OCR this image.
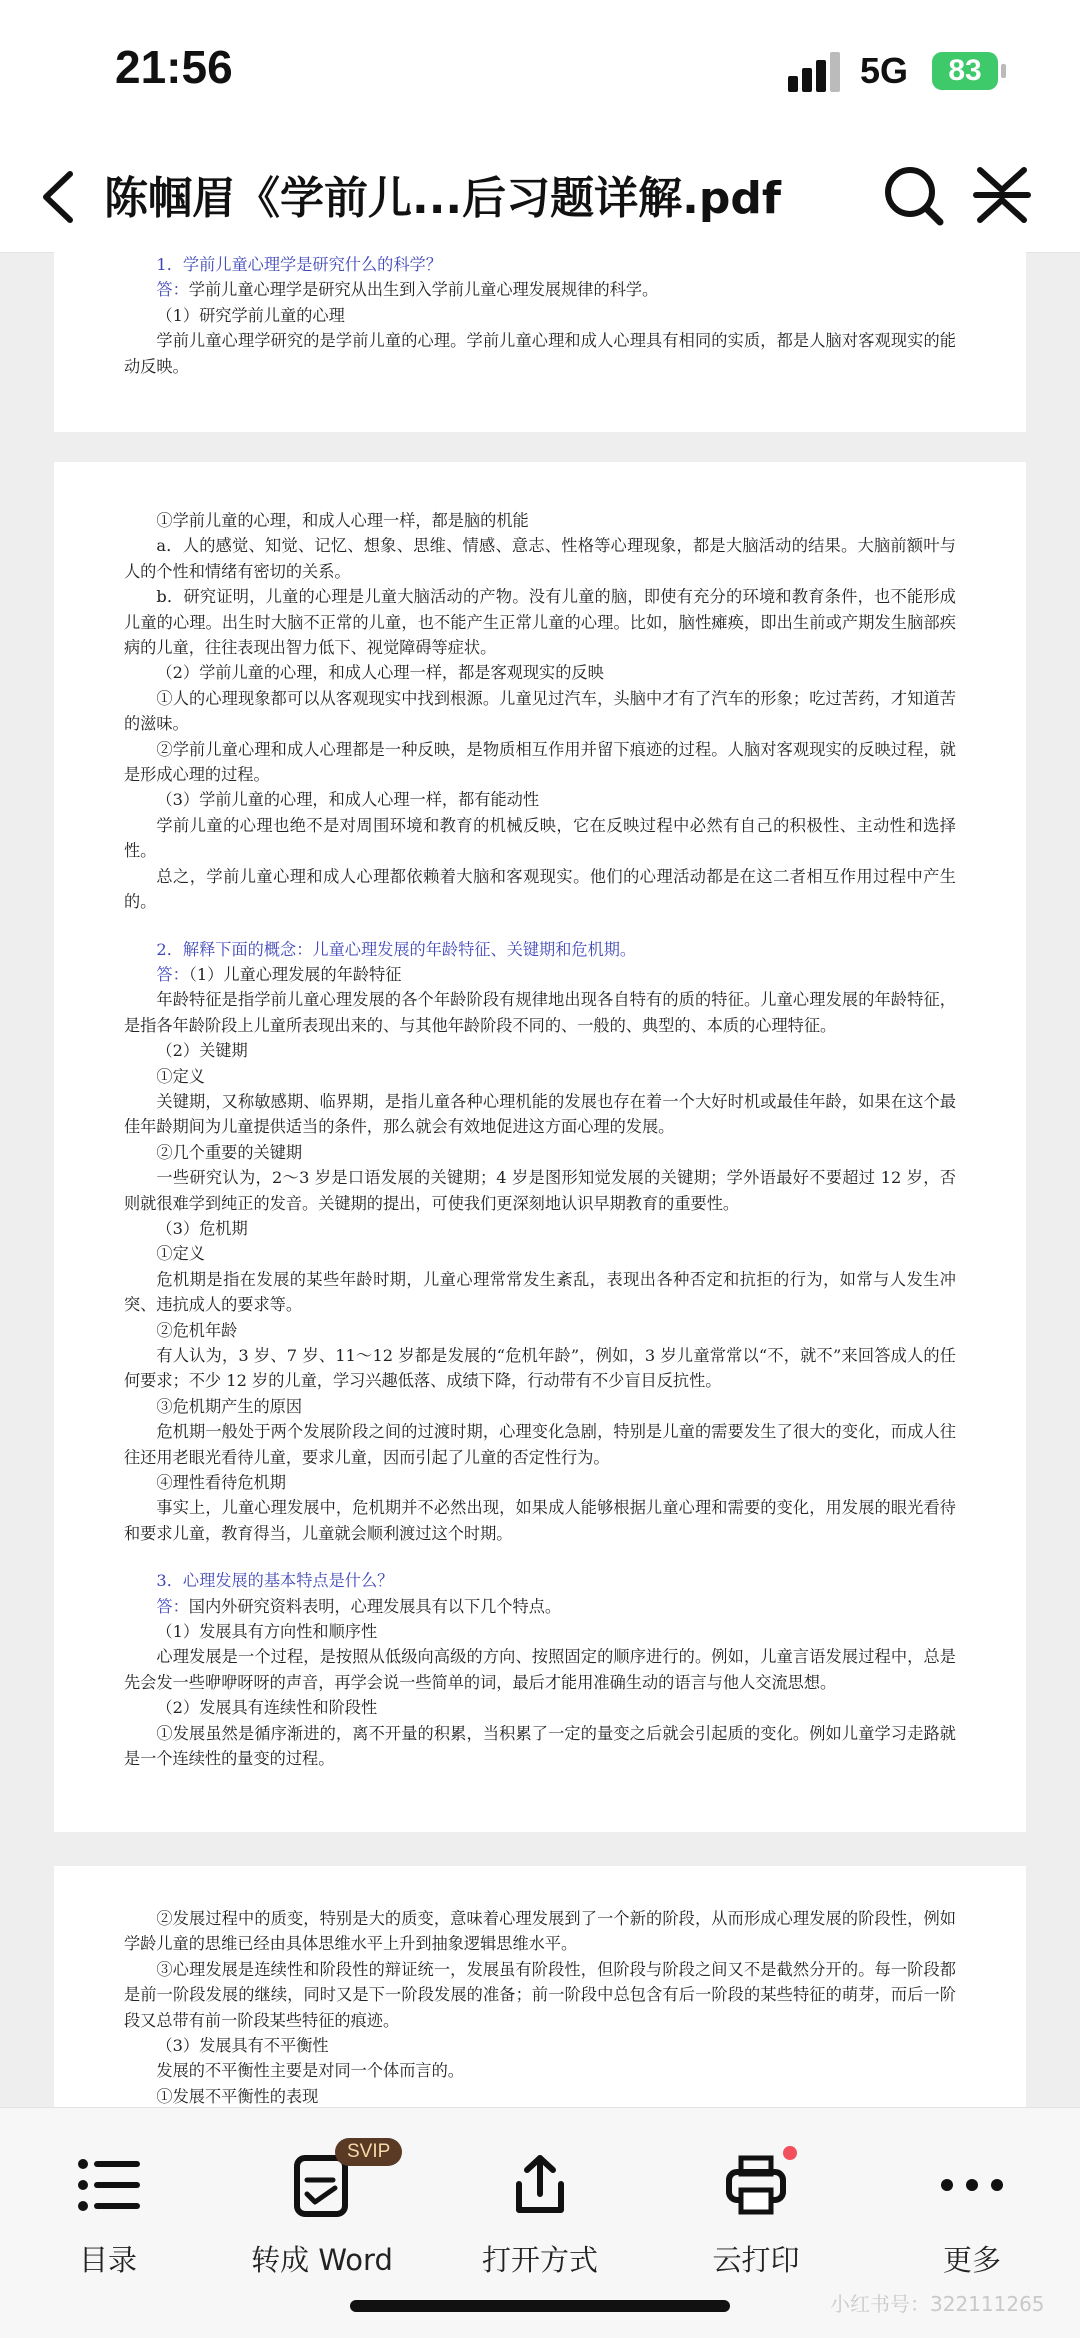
21:56	5G	83
陈帼眉《学前儿...后习题详解.pdf

1．学前儿童心理学是研究什么的科学？

答：学前儿童心理学是研究从出生到入学前儿童心理发展规律的科学。

（1）研究学前儿童的心理

学前儿童心理学研究的是学前儿童的心理。学前儿童心理和成人心理具有相同的实质，都是人脑对客观现实的能动反映。

①学前儿童的心理，和成人心理一样，都是脑的机能

a．人的感觉、知觉、记忆、想象、思维、情感、意志、性格等心理现象，都是大脑活动的结果。大脑前额叶与人的个性和情绪有密切的关系。

b．研究证明，儿童的心理是儿童大脑活动的产物。没有儿童的脑，即使有充分的环境和教育条件，也不能形成儿童的心理。出生时大脑不正常的儿童，也不能产生正常儿童的心理。比如，脑性瘫痪，即出生前或产期发生脑部疾病的儿童，往往表现出智力低下、视觉障碍等症状。

（2）学前儿童的心理，和成人心理一样，都是客观现实的反映

①人的心理现象都可以从客观现实中找到根源。儿童见过汽车，头脑中才有了汽车的形象；吃过苦药，才知道苦的滋味。

②学前儿童心理和成人心理都是一种反映，是物质相互作用并留下痕迹的过程。人脑对客观现实的反映过程，就是形成心理的过程。

（3）学前儿童的心理，和成人心理一样，都有能动性

学前儿童的心理也绝不是对周围环境和教育的机械反映，它在反映过程中必然有自己的积极性、主动性和选择性。

总之，学前儿童心理和成人心理都依赖着大脑和客观现实。他们的心理活动都是在这二者相互作用过程中产生的。

2．解释下面的概念：儿童心理发展的年龄特征、关键期和危机期。

答：（1）儿童心理发展的年龄特征

年龄特征是指学前儿童心理发展的各个年龄阶段有规律地出现各自特有的质的特征。儿童心理发展的年龄特征，是指各年龄阶段上儿童所表现出来的、与其他年龄阶段不同的、一般的、典型的、本质的心理特征。

（2）关键期

①定义

关键期，又称敏感期、临界期，是指儿童各种心理机能的发展也存在着一个大好时机或最佳年龄，如果在这个最佳年龄期间为儿童提供适当的条件，那么就会有效地促进这方面心理的发展。

②几个重要的关键期

一些研究认为，2～3 岁是口语发展的关键期；4 岁是图形知觉发展的关键期；学外语最好不要超过 12 岁，否则就很难学到纯正的发音。关键期的提出，可使我们更深刻地认识早期教育的重要性。

（3）危机期

①定义

危机期是指在发展的某些年龄时期，儿童心理常常发生紊乱，表现出各种否定和抗拒的行为，如常与人发生冲突、违抗成人的要求等。

②危机年龄

有人认为，3 岁、7 岁、11～12 岁都是发展的“危机年龄”，例如，3 岁儿童常常以“不，就不”来回答成人的任何要求；不少 12 岁的儿童，学习兴趣低落、成绩下降，行动带有不少盲目反抗性。

③危机期产生的原因

危机期一般处于两个发展阶段之间的过渡时期，心理变化急剧，特别是儿童的需要发生了很大的变化，而成人往往还用老眼光看待儿童，要求儿童，因而引起了儿童的否定性行为。

④理性看待危机期

事实上，儿童心理发展中，危机期并不必然出现，如果成人能够根据儿童心理和需要的变化，用发展的眼光看待和要求儿童，教育得当，儿童就会顺利渡过这个时期。

3．心理发展的基本特点是什么？

答：国内外研究资料表明，心理发展具有以下几个特点。

（1）发展具有方向性和顺序性

心理发展是一个过程，是按照从低级向高级的方向、按照固定的顺序进行的。例如，儿童言语发展过程中，总是先会发一些咿咿呀呀的声音，再学会说一些简单的词，最后才能用准确生动的语言与他人交流思想。

（2）发展具有连续性和阶段性

①发展虽然是循序渐进的，离不开量的积累，当积累了一定的量变之后就会引起质的变化。例如儿童学习走路就是一个连续性的量变的过程。

②发展过程中的质变，特别是大的质变，意味着心理发展到了一个新的阶段，从而形成心理发展的阶段性，例如学龄儿童的思维已经由具体思维水平上升到抽象逻辑思维水平。

③心理发展是连续性和阶段性的辩证统一，发展虽有阶段性，但阶段与阶段之间又不是截然分开的。每一阶段都是前一阶段发展的继续，同时又是下一阶段发展的准备；前一阶段中总包含有后一阶段的某些特征的萌芽，而后一阶段又总带有前一阶段某些特征的痕迹。

（3）发展具有不平衡性

发展的不平衡性主要是对同一个体而言的。

①发展不平衡性的表现

目录
SVIP
转成 Word	打开方式	云打印	更多
小红书号：322111265
